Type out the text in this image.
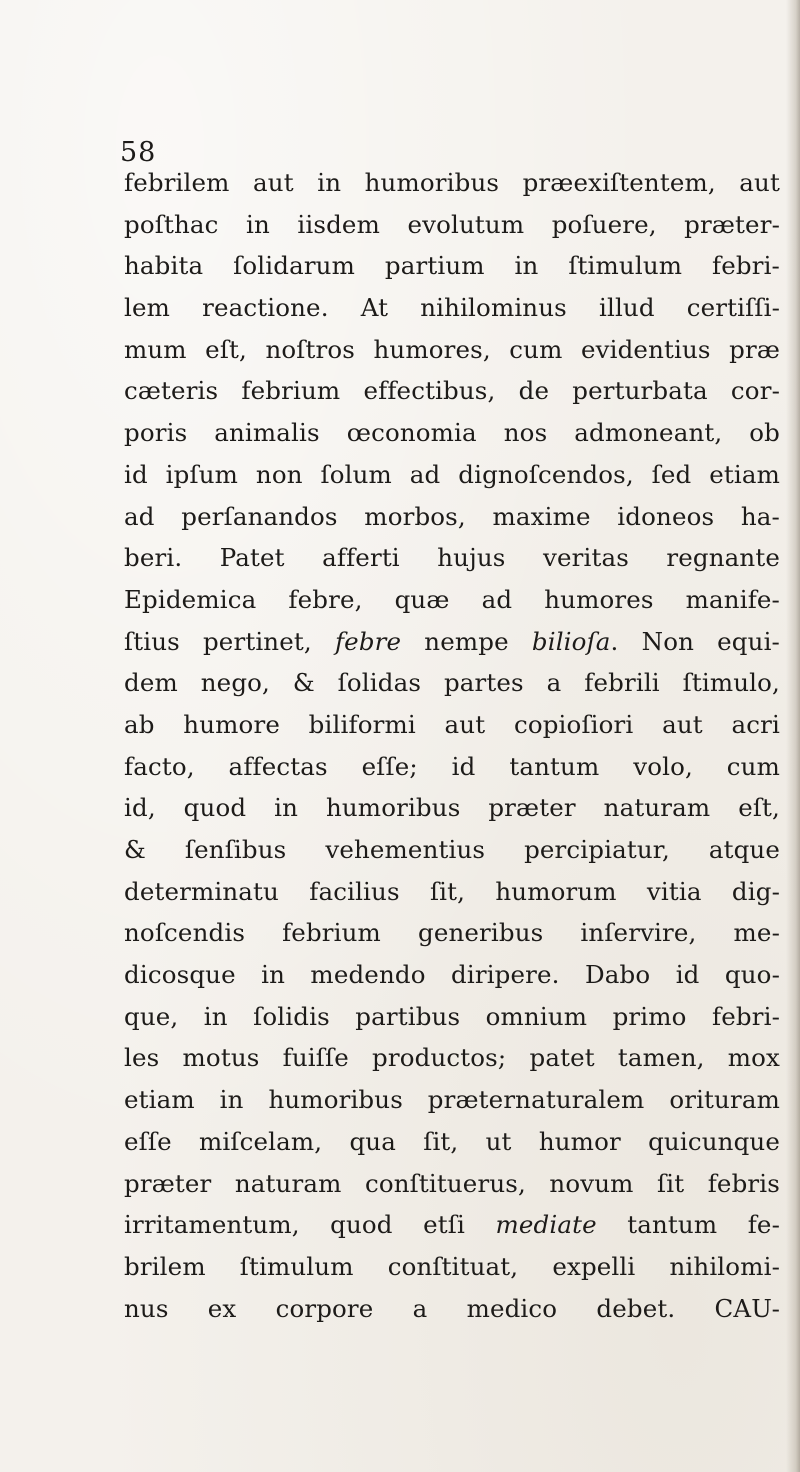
58
febrilem aut in humoribus præexiſtentem, aut
poſthac in iisdem evolutum poſuere, præter-
habita ſolidarum partium in ſtimulum febri-
lem reactione. At nihilominus illud certiſſi-
mum eſt, noſtros humores, cum evidentius præ
cæteris febrium effectibus, de perturbata cor-
poris animalis œconomia nos admoneant, ob
id ipſum non ſolum ad dignoſcendos, ſed etiam
ad perſanandos morbos, maxime idoneos ha-
beri. Patet afferti hujus veritas regnante
Epidemica febre, quæ ad humores manife-
ſtius pertinet, febre nempe bilioſa. Non equi-
dem nego, & ſolidas partes a febrili ſtimulo,
ab humore biliformi aut copioſiori aut acri
facto, affectas eſſe; id tantum volo, cum
id, quod in humoribus præter naturam eſt,
& ſenſibus vehementius percipiatur, atque
determinatu facilius ſit, humorum vitia dig-
noſcendis febrium generibus inſervire, me-
dicosque in medendo diripere. Dabo id quo-
que, in ſolidis partibus omnium primo febri-
les motus fuiſſe productos; patet tamen, mox
etiam in humoribus præternaturalem orituram
eſſe miſcelam, qua ſit, ut humor quicunque
præter naturam conſtituerus, novum ſit febris
irritamentum, quod etſi mediate tantum fe-
brilem ſtimulum conſtituat, expelli nihilomi-
nus ex corpore a medico debet. CAU-
